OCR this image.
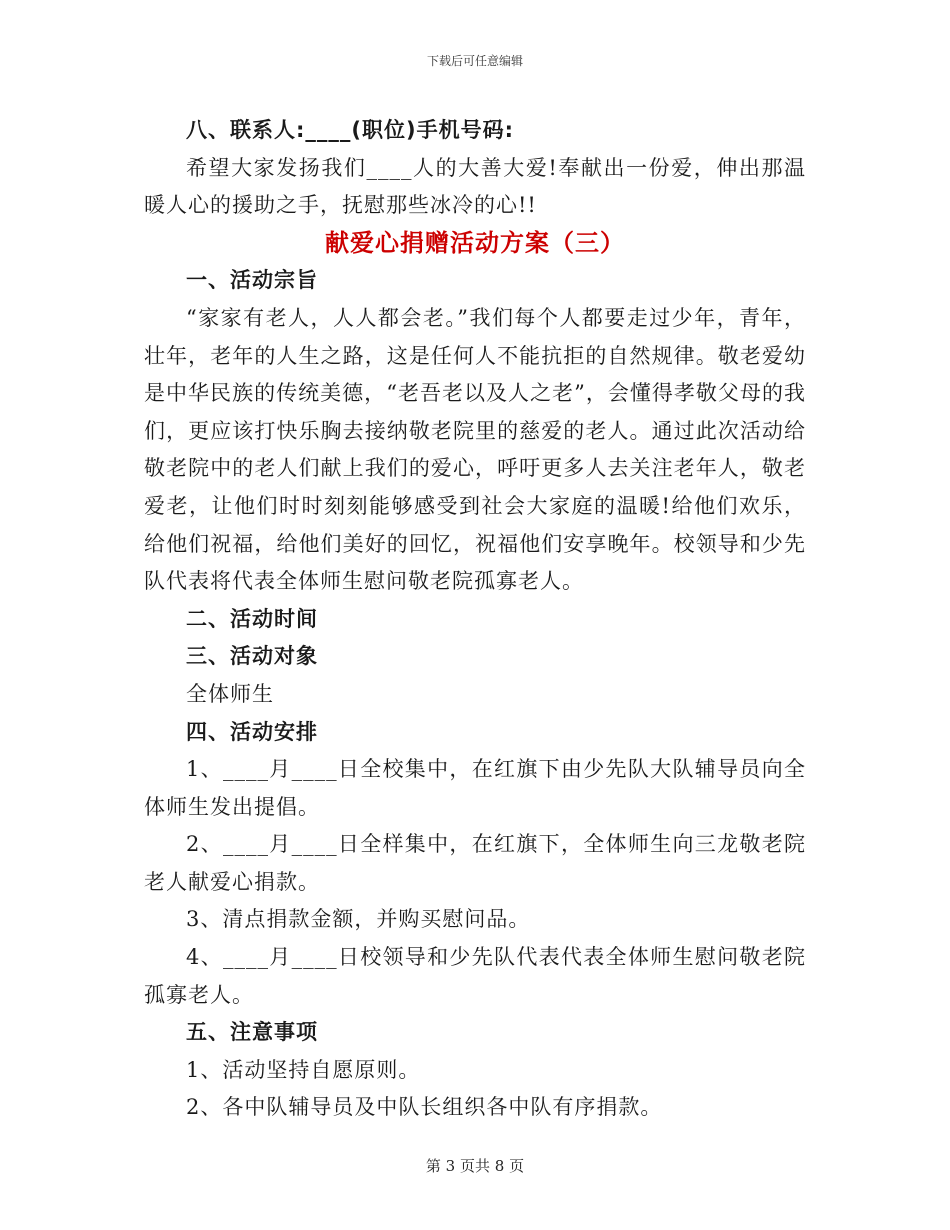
下载后可任意编辑

八、联系人:____(职位)手机号码:

希望大家发扬我们____人的大善大爱!奉献出一份爱，伸出那温暖人心的援助之手，抚慰那些冰冷的心!!

献爱心捐赠活动方案（三）

一、活动宗旨

“家家有老人，人人都会老。”我们每个人都要走过少年，青年，壮年，老年的人生之路，这是任何人不能抗拒的自然规律。敬老爱幼是中华民族的传统美德，“老吾老以及人之老”，会懂得孝敬父母的我们，更应该打快乐胸去接纳敬老院里的慈爱的老人。通过此次活动给敬老院中的老人们献上我们的爱心，呼吁更多人去关注老年人，敬老爱老，让他们时时刻刻能够感受到社会大家庭的温暖!给他们欢乐，给他们祝福，给他们美好的回忆，祝福他们安享晚年。校领导和少先队代表将代表全体师生慰问敬老院孤寡老人。

二、活动时间

三、活动对象

全体师生

四、活动安排

1、____月____日全校集中，在红旗下由少先队大队辅导员向全体师生发出提倡。

2、____月____日全样集中，在红旗下，全体师生向三龙敬老院老人献爱心捐款。

3、清点捐款金额，并购买慰问品。

4、____月____日校领导和少先队代表代表全体师生慰问敬老院孤寡老人。

五、注意事项

1、活动坚持自愿原则。

2、各中队辅导员及中队长组织各中队有序捐款。

第 3 页共 8 页
